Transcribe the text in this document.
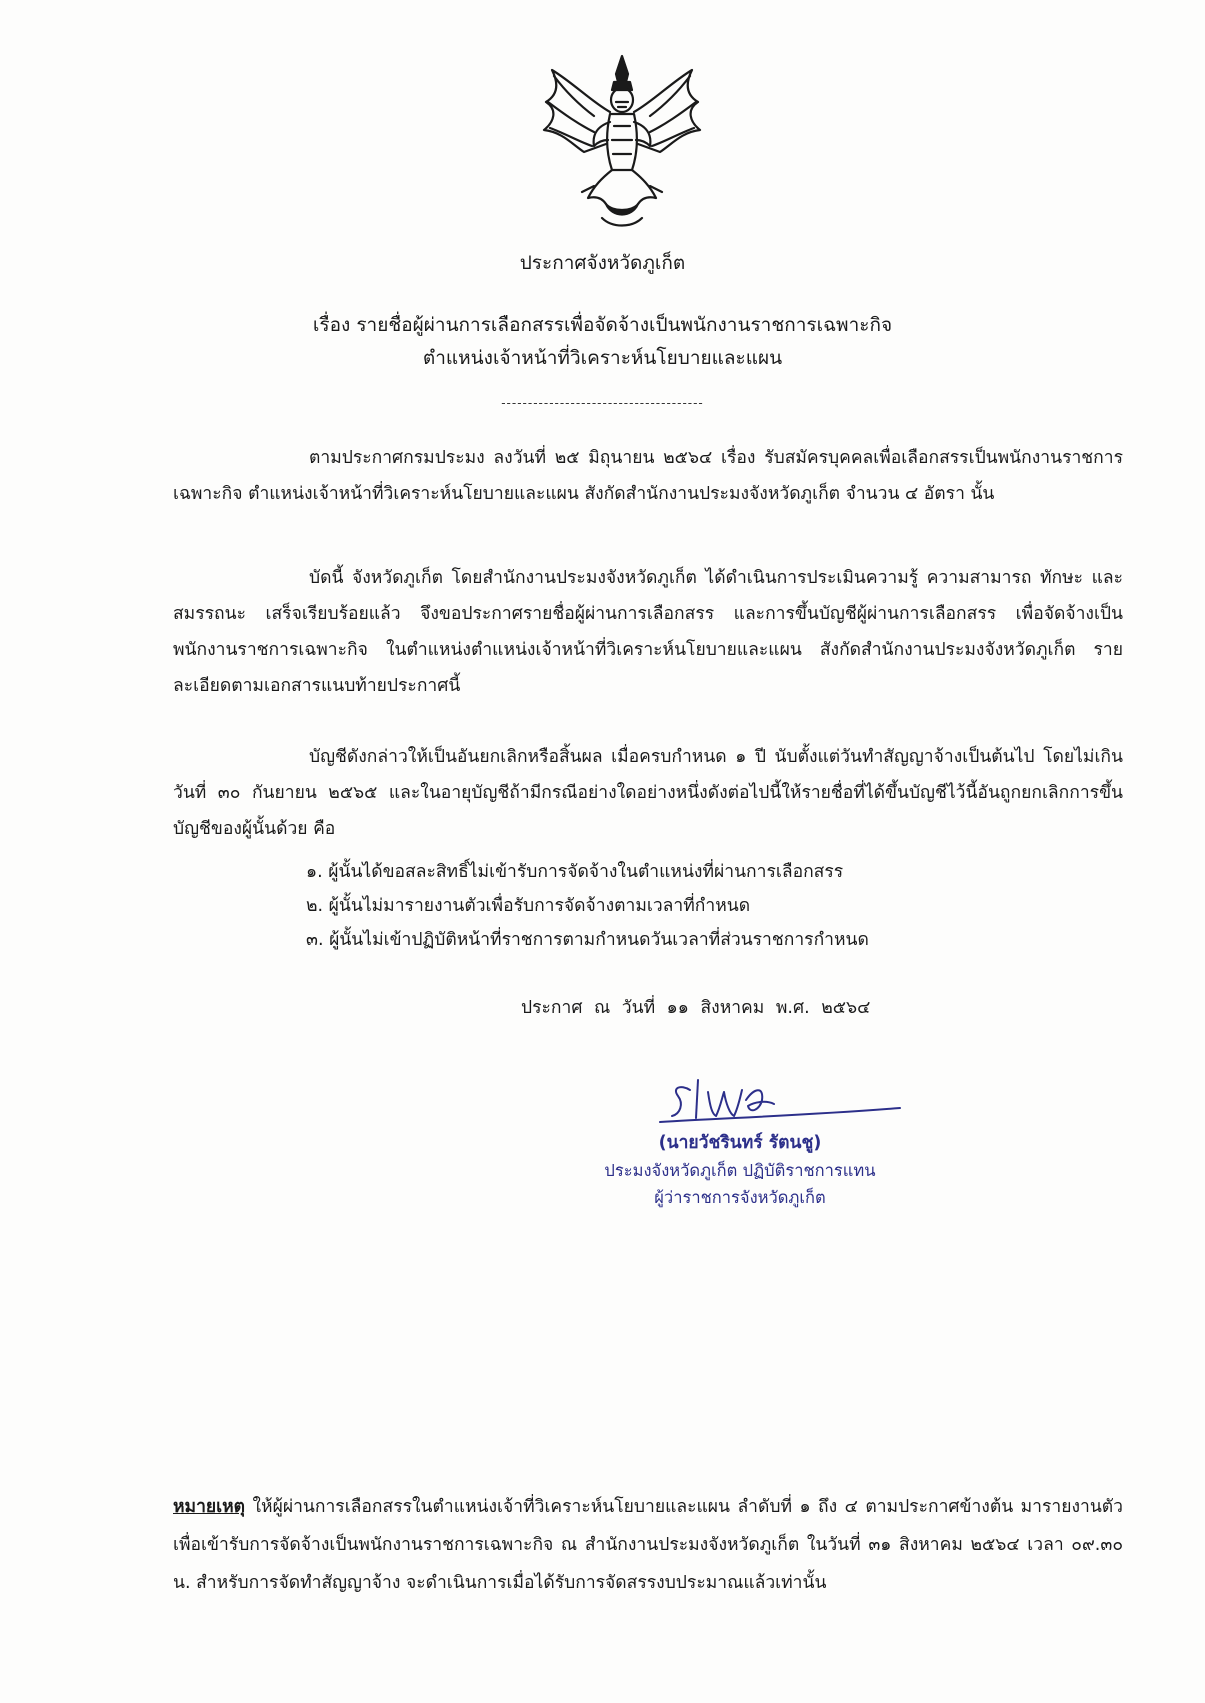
ประกาศจังหวัดภูเก็ต
เรื่อง รายชื่อผู้ผ่านการเลือกสรรเพื่อจัดจ้างเป็นพนักงานราชการเฉพาะกิจ
ตำแหน่งเจ้าหน้าที่วิเคราะห์นโยบายและแผน
--------------------------------------
ตามประกาศกรมประมง ลงวันที่ ๒๕ มิถุนายน ๒๕๖๔ เรื่อง รับสมัครบุคคลเพื่อเลือกสรรเป็นพนักงานราชการเฉพาะกิจ ตำแหน่งเจ้าหน้าที่วิเคราะห์นโยบายและแผน สังกัดสำนักงานประมงจังหวัดภูเก็ต จำนวน ๔ อัตรา นั้น
บัดนี้ จังหวัดภูเก็ต โดยสำนักงานประมงจังหวัดภูเก็ต ได้ดำเนินการประเมินความรู้ ความสามารถ ทักษะ และสมรรถนะ เสร็จเรียบร้อยแล้ว จึงขอประกาศรายชื่อผู้ผ่านการเลือกสรร และการขึ้นบัญชีผู้ผ่านการเลือกสรร เพื่อจัดจ้างเป็นพนักงานราชการเฉพาะกิจ ในตำแหน่งตำแหน่งเจ้าหน้าที่วิเคราะห์นโยบายและแผน สังกัดสำนักงานประมงจังหวัดภูเก็ต รายละเอียดตามเอกสารแนบท้ายประกาศนี้
บัญชีดังกล่าวให้เป็นอันยกเลิกหรือสิ้นผล เมื่อครบกำหนด ๑ ปี นับตั้งแต่วันทำสัญญาจ้างเป็นต้นไป โดยไม่เกินวันที่ ๓๐ กันยายน ๒๕๖๕ และในอายุบัญชีถ้ามีกรณีอย่างใดอย่างหนึ่งดังต่อไปนี้ให้รายชื่อที่ได้ขึ้นบัญชีไว้นี้อันถูกยกเลิกการขึ้นบัญชีของผู้นั้นด้วย คือ
๑. ผู้นั้นได้ขอสละสิทธิ์ไม่เข้ารับการจัดจ้างในตำแหน่งที่ผ่านการเลือกสรร
๒. ผู้นั้นไม่มารายงานตัวเพื่อรับการจัดจ้างตามเวลาที่กำหนด
๓. ผู้นั้นไม่เข้าปฏิบัติหน้าที่ราชการตามกำหนดวันเวลาที่ส่วนราชการกำหนด
ประกาศ ณ วันที่ ๑๑ สิงหาคม พ.ศ. ๒๕๖๔
(นายวัชรินทร์ รัตนชู)
ประมงจังหวัดภูเก็ต ปฏิบัติราชการแทน
ผู้ว่าราชการจังหวัดภูเก็ต
หมายเหตุ ให้ผู้ผ่านการเลือกสรรในตำแหน่งเจ้าที่วิเคราะห์นโยบายและแผน ลำดับที่ ๑ ถึง ๔ ตามประกาศข้างต้น มารายงานตัวเพื่อเข้ารับการจัดจ้างเป็นพนักงานราชการเฉพาะกิจ ณ สำนักงานประมงจังหวัดภูเก็ต ในวันที่ ๓๑ สิงหาคม ๒๕๖๔ เวลา ๐๙.๓๐ น. สำหรับการจัดทำสัญญาจ้าง จะดำเนินการเมื่อได้รับการจัดสรรงบประมาณแล้วเท่านั้น
